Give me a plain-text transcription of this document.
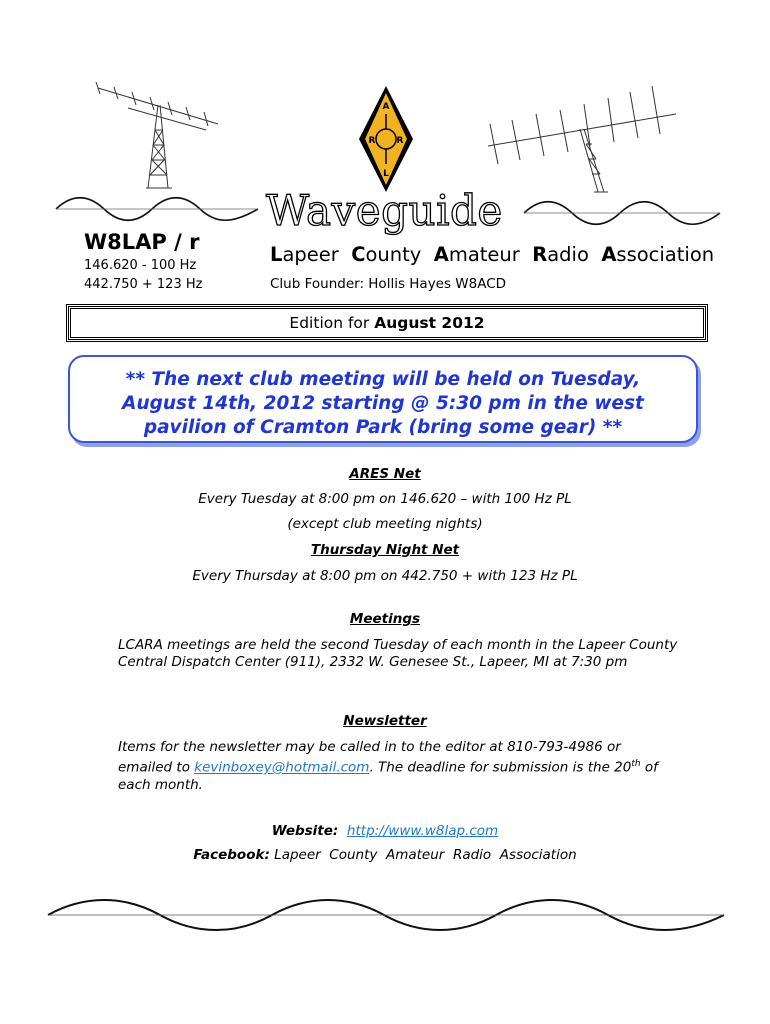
A
R R
L
Waveguide
W8LAP / r
146.620 - 100 Hz
442.750 + 123 Hz
Lapeer County Amateur Radio Association
Club Founder: Hollis Hayes W8ACD
Edition for August 2012
** The next club meeting will be held on Tuesday,
August 14th, 2012 starting @ 5:30 pm in the west
pavilion of Cramton Park (bring some gear) **
ARES Net
Every Tuesday at 8:00 pm on 146.620 – with 100 Hz PL
(except club meeting nights)
Thursday Night Net
Every Thursday at 8:00 pm on 442.750 + with 123 Hz PL
Meetings
LCARA meetings are held the second Tuesday of each month in the Lapeer County Central Dispatch Center (911), 2332 W. Genesee St., Lapeer, MI at 7:30 pm
Newsletter
Items for the newsletter may be called in to the editor at 810-793-4986 or emailed to kevinboxey@hotmail.com. The deadline for submission is the 20th of each month.
Website: http://www.w8lap.com
Facebook: Lapeer  County  Amateur  Radio  Association
